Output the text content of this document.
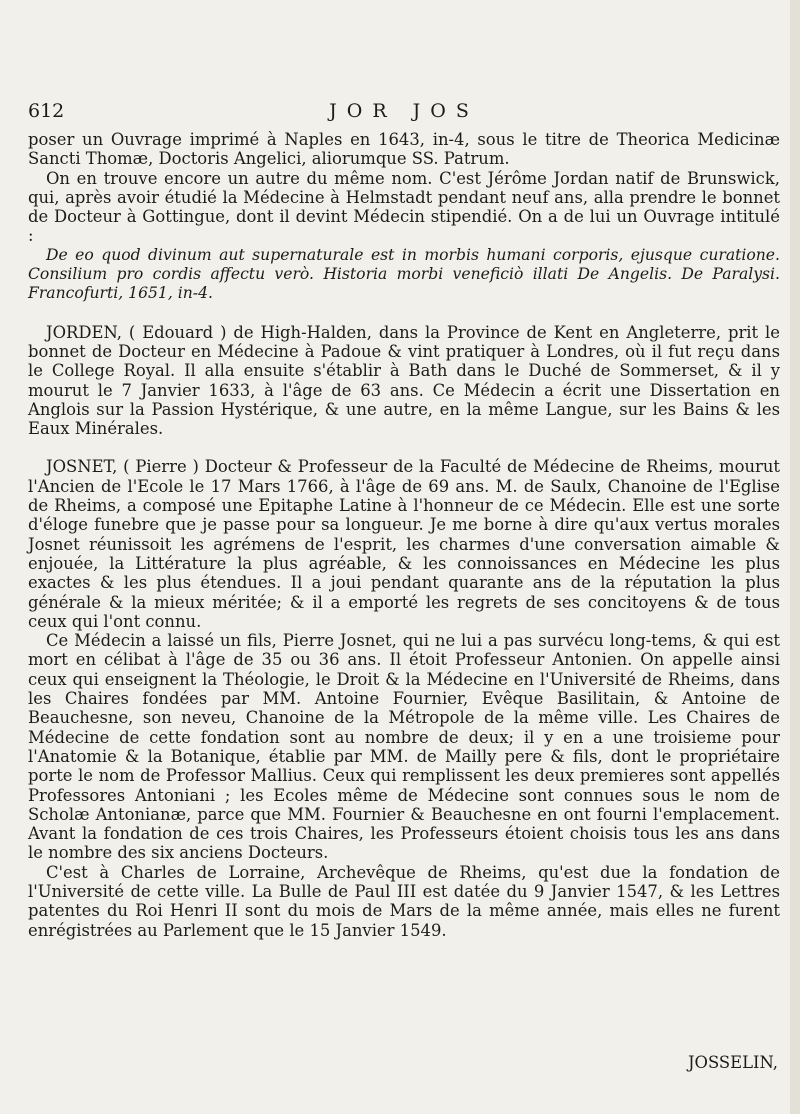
612	JOR JOS

poser un Ouvrage imprimé à Naples en 1643, in-4, sous le titre de Theorica Medicinæ Sancti Thomæ, Doctoris Angelici, aliorumque SS. Patrum.

On en trouve encore un autre du même nom. C'est Jérôme Jordan natif de Brunswick, qui, après avoir étudié la Médecine à Helmstadt pendant neuf ans, alla prendre le bonnet de Docteur à Gottingue, dont il devint Médecin stipendié. On a de lui un Ouvrage intitulé :

De eo quod divinum aut supernaturale est in morbis humani corporis, ejusque curatione. Consilium pro cordis affectu verò. Historia morbi veneficiò illati De Angelis. De Paralysi. Francofurti, 1651, in-4.

JORDEN, ( Edouard ) de High-Halden, dans la Province de Kent en Angleterre, prit le bonnet de Docteur en Médecine à Padoue & vint pratiquer à Londres, où il fut reçu dans le College Royal. Il alla ensuite s'établir à Bath dans le Duché de Sommerset, & il y mourut le 7 Janvier 1633, à l'âge de 63 ans. Ce Médecin a écrit une Dissertation en Anglois sur la Passion Hystérique, & une autre, en la même Langue, sur les Bains & les Eaux Minérales.

JOSNET, ( Pierre ) Docteur & Professeur de la Faculté de Médecine de Rheims, mourut l'Ancien de l'Ecole le 17 Mars 1766, à l'âge de 69 ans. M. de Saulx, Chanoine de l'Eglise de Rheims, a composé une Epitaphe Latine à l'honneur de ce Médecin. Elle est une sorte d'éloge funebre que je passe pour sa longueur. Je me borne à dire qu'aux vertus morales Josnet réunissoit les agrémens de l'esprit, les charmes d'une conversation aimable & enjouée, la Littérature la plus agréable, & les connoissances en Médecine les plus exactes & les plus étendues. Il a joui pendant quarante ans de la réputation la plus générale & la mieux méritée; & il a emporté les regrets de ses concitoyens & de tous ceux qui l'ont connu.

Ce Médecin a laissé un fils, Pierre Josnet, qui ne lui a pas survécu long-tems, & qui est mort en célibat à l'âge de 35 ou 36 ans. Il étoit Professeur Antonien. On appelle ainsi ceux qui enseignent la Théologie, le Droit & la Médecine en l'Université de Rheims, dans les Chaires fondées par MM. Antoine Fournier, Evêque Basilitain, & Antoine de Beauchesne, son neveu, Chanoine de la Métropole de la même ville. Les Chaires de Médecine de cette fondation sont au nombre de deux; il y en a une troisieme pour l'Anatomie & la Botanique, établie par MM. de Mailly pere & fils, dont le propriétaire porte le nom de Professor Mallius. Ceux qui remplissent les deux premieres sont appellés Professores Antoniani ; les Ecoles même de Médecine sont connues sous le nom de Scholæ Antonianæ, parce que MM. Fournier & Beauchesne en ont fourni l'emplacement. Avant la fondation de ces trois Chaires, les Professeurs étoient choisis tous les ans dans le nombre des six anciens Docteurs.

C'est à Charles de Lorraine, Archevêque de Rheims, qu'est due la fondation de l'Université de cette ville. La Bulle de Paul III est datée du 9 Janvier 1547, & les Lettres patentes du Roi Henri II sont du mois de Mars de la même année, mais elles ne furent enrégistrées au Parlement que le 15 Janvier 1549.

JOSSELIN,
